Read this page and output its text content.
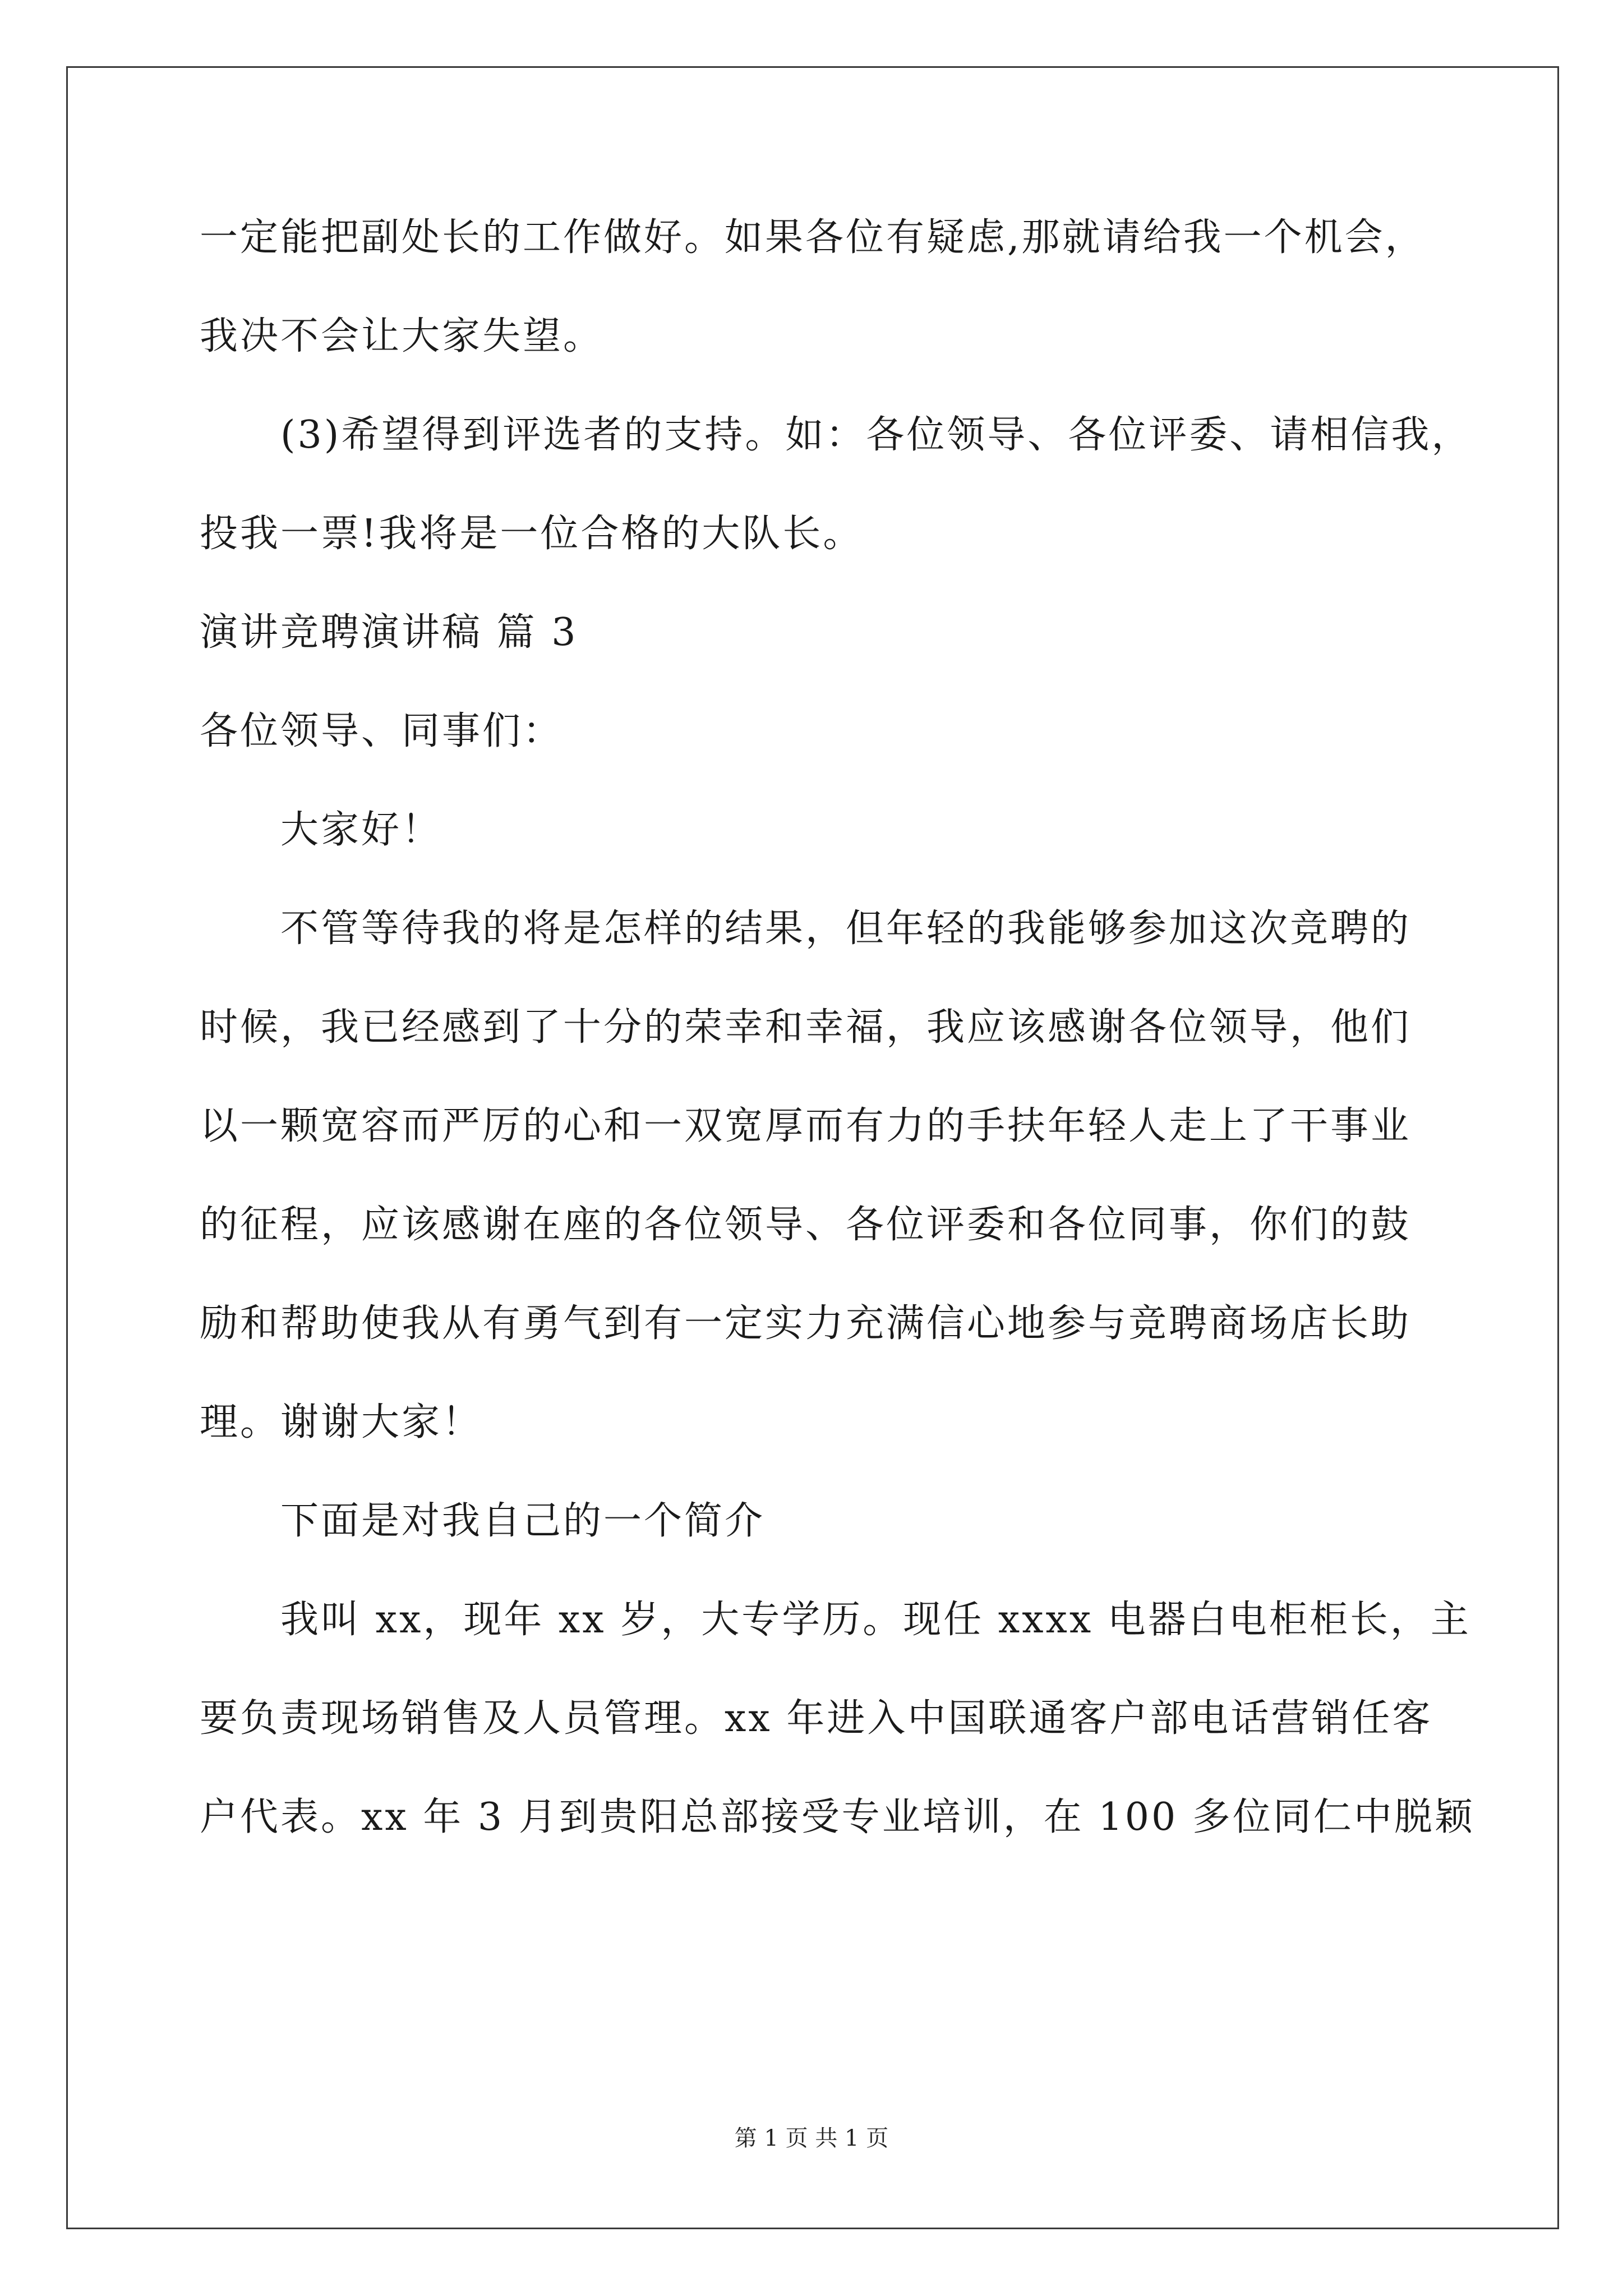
一定能把副处长的工作做好。如果各位有疑虑,那就请给我一个机会，
我决不会让大家失望。
(3)希望得到评选者的支持。如：各位领导、各位评委、请相信我，
投我一票!我将是一位合格的大队长。
演讲竞聘演讲稿 篇 3
各位领导、同事们：
大家好！
不管等待我的将是怎样的结果，但年轻的我能够参加这次竞聘的
时候，我已经感到了十分的荣幸和幸福，我应该感谢各位领导，他们
以一颗宽容而严厉的心和一双宽厚而有力的手扶年轻人走上了干事业
的征程，应该感谢在座的各位领导、各位评委和各位同事，你们的鼓
励和帮助使我从有勇气到有一定实力充满信心地参与竞聘商场店长助
理。谢谢大家！
下面是对我自己的一个简介
我叫 xx，现年 xx 岁，大专学历。现任 xxxx 电器白电柜柜长，主
要负责现场销售及人员管理。xx 年进入中国联通客户部电话营销任客
户代表。xx 年 3 月到贵阳总部接受专业培训，在 100 多位同仁中脱颖
第 1 页 共 1 页
